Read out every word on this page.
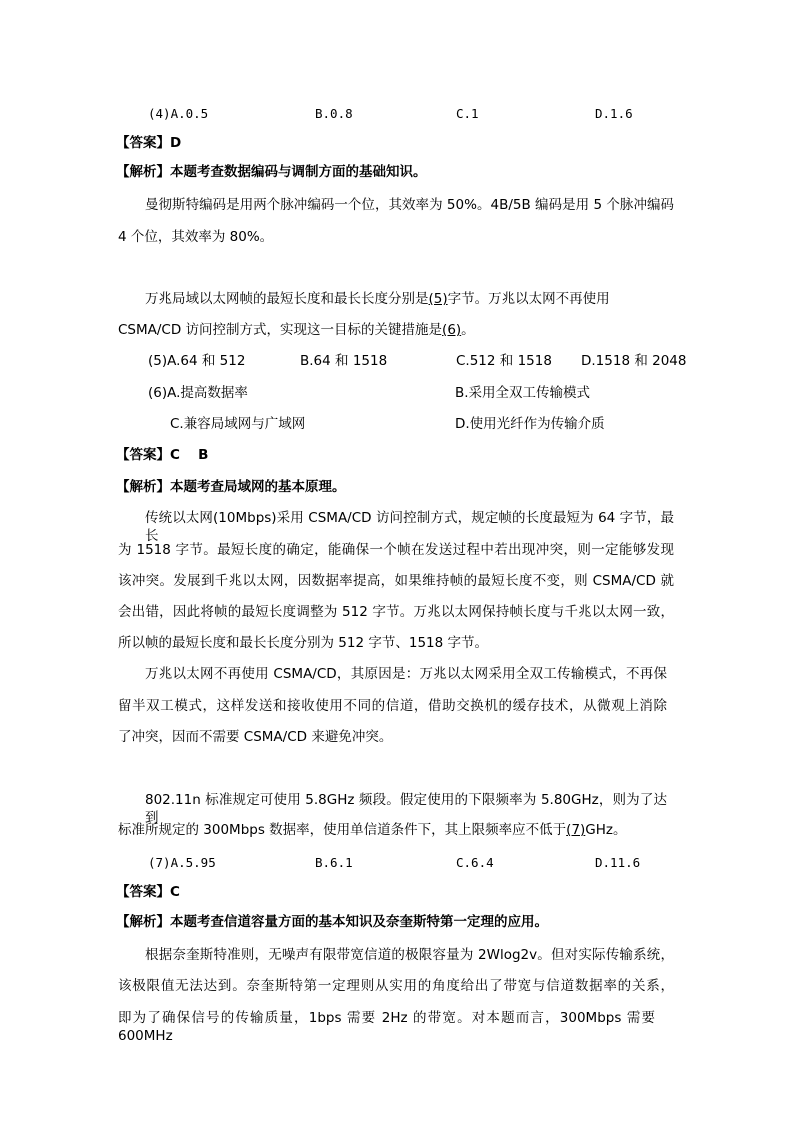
(4)A.0.5	B.0.8	C.1	D.1.6
【答案】D
【解析】本题考查数据编码与调制方面的基础知识。
曼彻斯特编码是用两个脉冲编码一个位，其效率为 50%。4B/5B 编码是用 5 个脉冲编码
4 个位，其效率为 80%。
万兆局域以太网帧的最短长度和最长长度分别是(5)字节。万兆以太网不再使用
CSMA/CD 访问控制方式，实现这一目标的关键措施是(6)。
(5)A.64 和 512	B.64 和 1518	C.512 和 1518 D.1518 和 2048
(6)A.提高数据率	B.采用全双工传输模式
C.兼容局域网与广域网	D.使用光纤作为传输介质
【答案】C　 B
【解析】本题考查局域网的基本原理。
传统以太网(10Mbps)采用 CSMA/CD 访问控制方式，规定帧的长度最短为 64 字节，最长
为 1518 字节。最短长度的确定，能确保一个帧在发送过程中若出现冲突，则一定能够发现
该冲突。发展到千兆以太网，因数据率提高，如果维持帧的最短长度不变，则 CSMA/CD 就
会出错，因此将帧的最短长度调整为 512 字节。万兆以太网保持帧长度与千兆以太网一致，
所以帧的最短长度和最长长度分别为 512 字节、1518 字节。
万兆以太网不再使用 CSMA/CD，其原因是：万兆以太网采用全双工传输模式，不再保
留半双工模式，这样发送和接收使用不同的信道，借助交换机的缓存技术，从微观上消除
了冲突，因而不需要 CSMA/CD 来避免冲突。
802.11n 标准规定可使用 5.8GHz 频段。假定使用的下限频率为 5.80GHz，则为了达到
标准所规定的 300Mbps 数据率，使用单信道条件下，其上限频率应不低于(7)GHz。
(7)A.5.95	B.6.1	C.6.4	D.11.6
【答案】C
【解析】本题考查信道容量方面的基本知识及奈奎斯特第一定理的应用。
根据奈奎斯特准则，无噪声有限带宽信道的极限容量为 2Wlog2v。但对实际传输系统，
该极限值无法达到。奈奎斯特第一定理则从实用的角度给出了带宽与信道数据率的关系，
即为了确保信号的传输质量，1bps 需要 2Hz 的带宽。对本题而言，300Mbps 需要 600MHz
